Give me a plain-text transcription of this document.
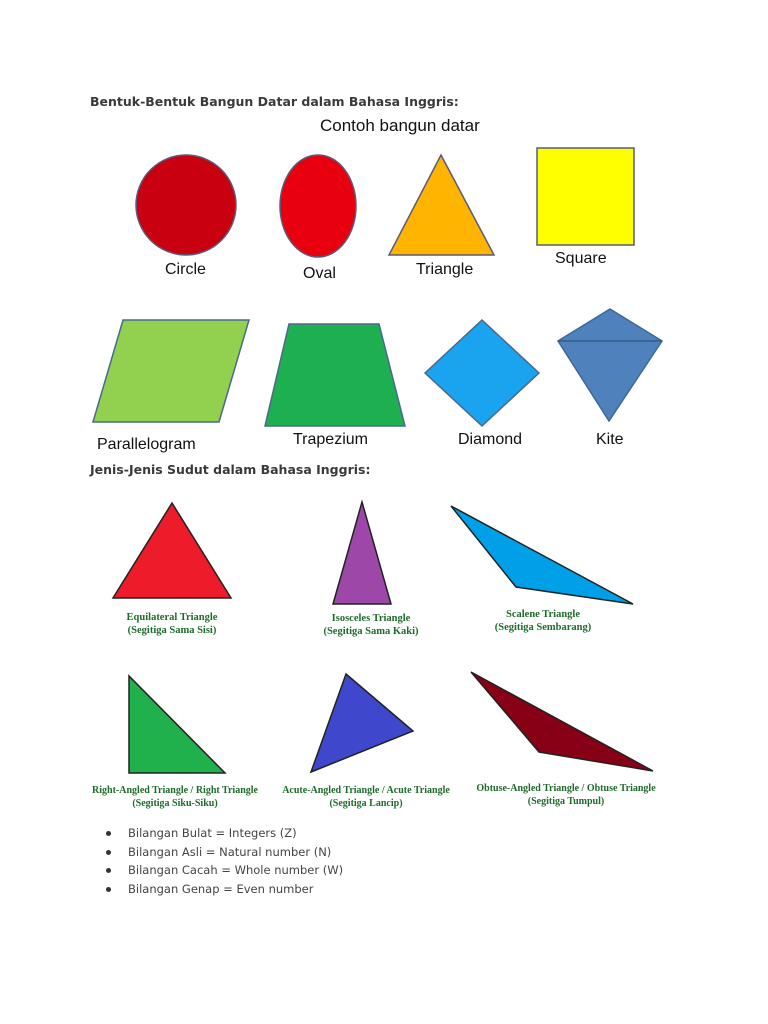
Bentuk-Bentuk Bangun Datar dalam Bahasa Inggris:
Contoh bangun datar
Circle	Oval	Triangle
Square
Parallelogram	Trapezium	Diamond	Kite
Jenis-Jenis Sudut dalam Bahasa Inggris:
Equilateral Triangle
(Segitiga Sama Sisi)
Isosceles Triangle
(Segitiga Sama Kaki)
Scalene Triangle
(Segitiga Sembarang)
Right-Angled Triangle / Right Triangle
(Segitiga Siku-Siku)
Acute-Angled Triangle / Acute Triangle
(Segitiga Lancip)
Obtuse-Angled Triangle / Obtuse Triangle
(Segitiga Tumpul)
Bilangan Bulat = Integers (Z)
Bilangan Asli = Natural number (N)
Bilangan Cacah = Whole number (W)
Bilangan Genap = Even number
